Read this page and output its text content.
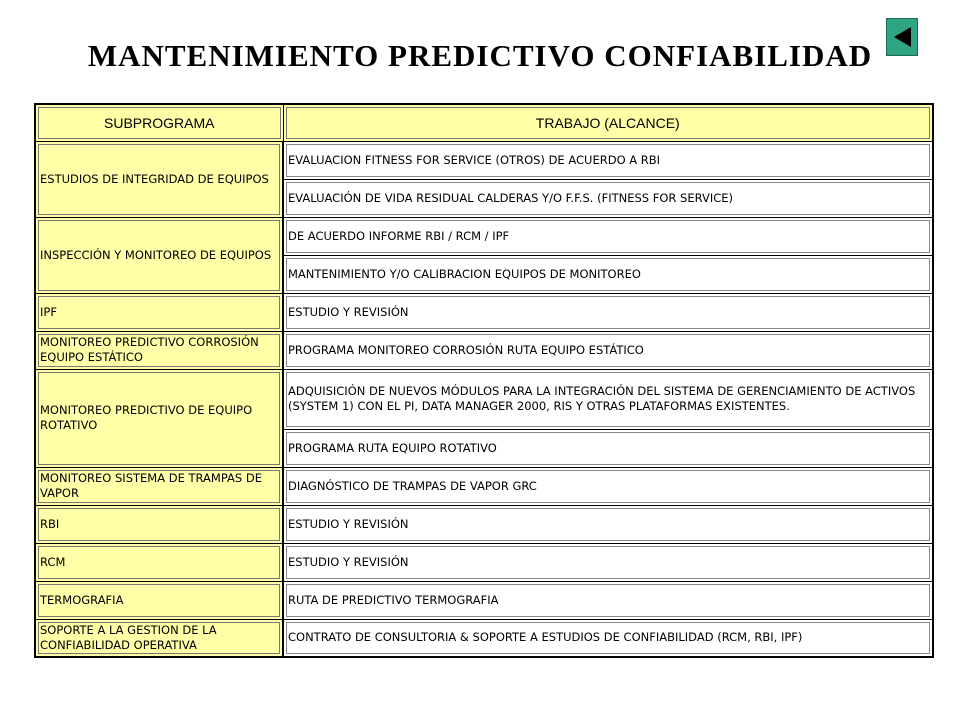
MANTENIMIENTO PREDICTIVO CONFIABILIDAD
SUBPROGRAMA	TRABAJO (ALCANCE)

ESTUDIOS DE INTEGRIDAD DE EQUIPOS	EVALUACION FITNESS FOR SERVICE (OTROS) DE ACUERDO A RBI

	EVALUACIÓN DE VIDA RESIDUAL CALDERAS Y/O F.F.S. (FITNESS FOR SERVICE)

INSPECCIÓN Y MONITOREO DE EQUIPOS	DE ACUERDO INFORME RBI / RCM / IPF

	MANTENIMIENTO Y/O CALIBRACION EQUIPOS DE MONITOREO

IPF	ESTUDIO Y REVISIÓN

MONITOREO PREDICTIVO CORROSIÓN EQUIPO ESTÁTICO	PROGRAMA MONITOREO CORROSIÓN RUTA EQUIPO ESTÁTICO

MONITOREO PREDICTIVO DE EQUIPO ROTATIVO	ADQUISICIÓN DE NUEVOS MÓDULOS PARA LA INTEGRACIÓN DEL SISTEMA DE GERENCIAMIENTO DE ACTIVOS (SYSTEM 1) CON EL PI, DATA MANAGER 2000, RIS Y OTRAS PLATAFORMAS EXISTENTES.

	PROGRAMA RUTA EQUIPO ROTATIVO

MONITOREO SISTEMA DE TRAMPAS DE VAPOR	DIAGNÓSTICO DE TRAMPAS DE VAPOR GRC

RBI	ESTUDIO Y REVISIÓN

RCM	ESTUDIO Y REVISIÓN

TERMOGRAFIA	RUTA DE PREDICTIVO TERMOGRAFIA

SOPORTE A LA GESTION DE LA CONFIABILIDAD OPERATIVA	CONTRATO DE CONSULTORIA & SOPORTE A ESTUDIOS DE CONFIABILIDAD (RCM, RBI, IPF)
